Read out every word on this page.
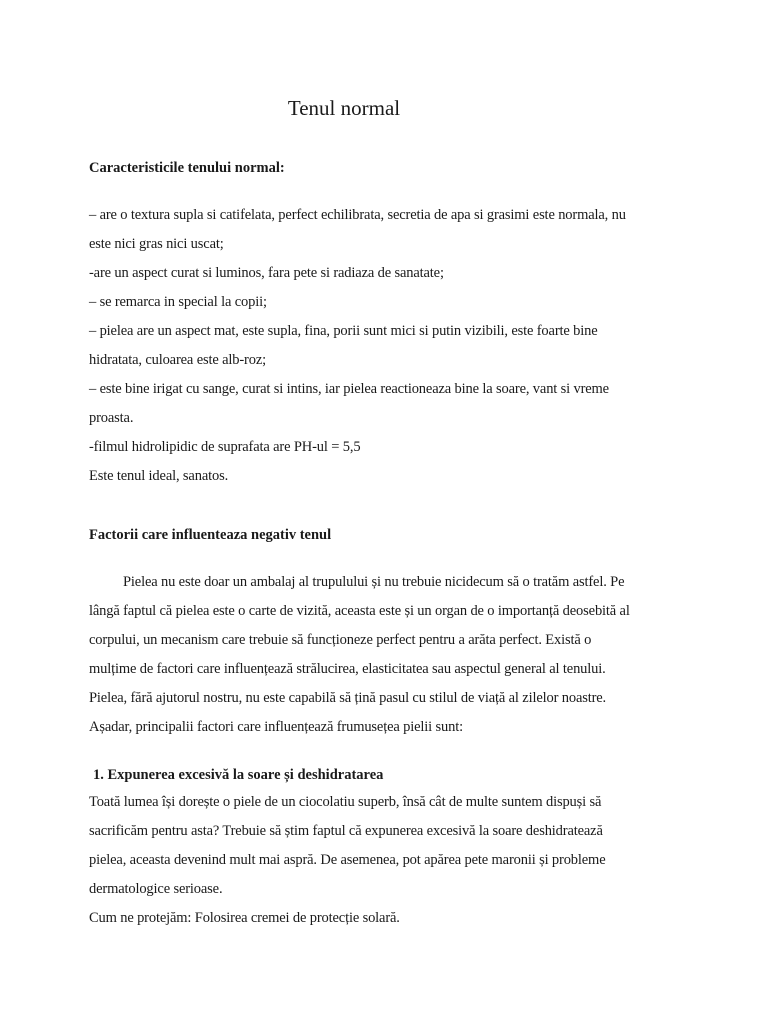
Tenul normal
Caracteristicile tenului normal:
– are o textura supla si catifelata, perfect echilibrata, secretia de apa si grasimi este normala, nu
este nici gras nici uscat;
-are un aspect curat si luminos, fara pete si radiaza de sanatate;
– se remarca in special la copii;
– pielea are un aspect mat, este supla, fina, porii sunt mici si putin vizibili, este foarte bine
hidratata, culoarea este alb-roz;
– este bine irigat cu sange, curat si intins, iar pielea reactioneaza bine la soare, vant si vreme
proasta.
-filmul hidrolipidic de suprafata are PH-ul = 5,5
Este tenul ideal, sanatos.
Factorii care influenteaza negativ tenul
Pielea nu este doar un ambalaj al trupulului și nu trebuie nicidecum să o tratăm astfel. Pe
lângă faptul că pielea este o carte de vizită, aceasta este și un organ de o importanță deosebită al
corpului, un mecanism care trebuie să funcționeze perfect pentru a arăta perfect. Există o
mulțime de factori care influențează strălucirea, elasticitatea sau aspectul general al tenului.
Pielea, fără ajutorul nostru, nu este capabilă să țină pasul cu stilul de viață al zilelor noastre.
Așadar, principalii factori care influențează frumusețea pielii sunt:
1. Expunerea excesivă la soare și deshidratarea
Toată lumea își dorește o piele de un ciocolatiu superb, însă cât de multe suntem dispuși să
sacrificăm pentru asta? Trebuie să știm faptul că expunerea excesivă la soare deshidratează
pielea, aceasta devenind mult mai aspră. De asemenea, pot apărea pete maronii și probleme
dermatologice serioase.
Cum ne protejăm: Folosirea cremei de protecție solară.
